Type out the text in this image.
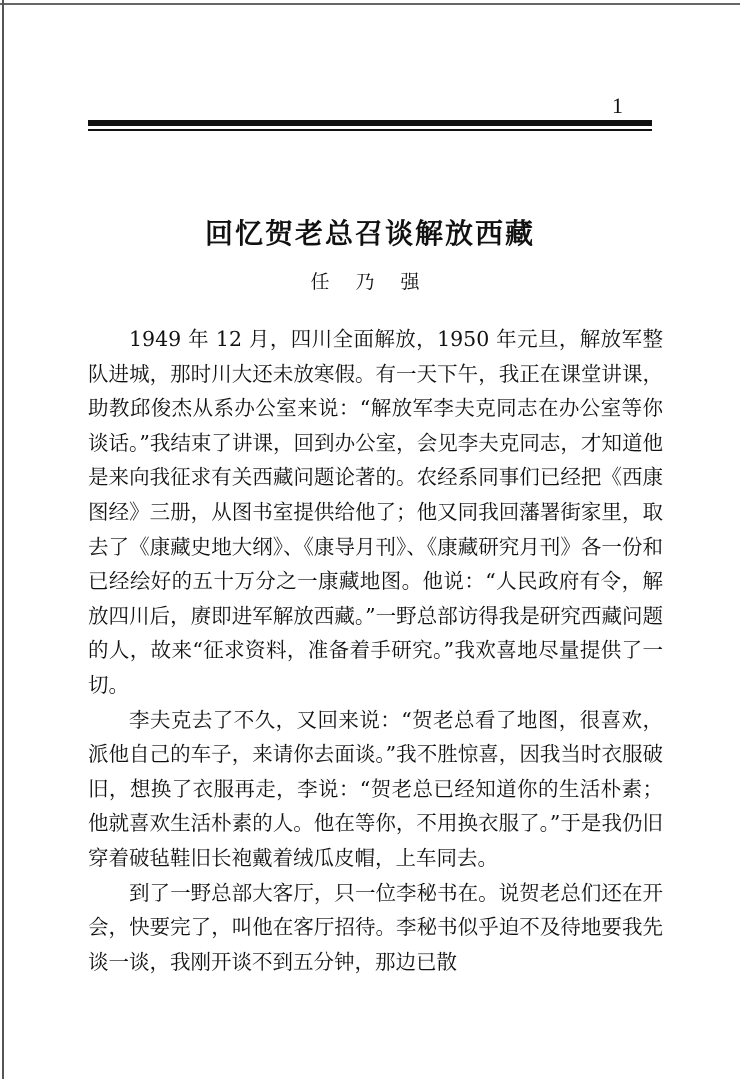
1
回忆贺老总召谈解放西藏
任 乃 强

1949 年 12 月，四川全面解放，1950 年元旦，解放军整队进城，那时川大还未放寒假。有一天下午，我正在课堂讲课，助教邱俊杰从系办公室来说：“解放军李夫克同志在办公室等你谈话。”我结束了讲课，回到办公室，会见李夫克同志，才知道他是来向我征求有关西藏问题论著的。农经系同事们已经把《西康图经》三册，从图书室提供给他了；他又同我回藩署街家里，取去了《康藏史地大纲》、《康导月刊》、《康藏研究月刊》各一份和已经绘好的五十万分之一康藏地图。他说：“人民政府有令，解放四川后，赓即进军解放西藏。”一野总部访得我是研究西藏问题的人，故来“征求资料，准备着手研究。”我欢喜地尽量提供了一切。

李夫克去了不久，又回来说：“贺老总看了地图，很喜欢，派他自己的车子，来请你去面谈。”我不胜惊喜，因我当时衣服破旧，想换了衣服再走，李说：“贺老总已经知道你的生活朴素；他就喜欢生活朴素的人。他在等你，不用换衣服了。”于是我仍旧穿着破毡鞋旧长袍戴着绒瓜皮帽，上车同去。

到了一野总部大客厅，只一位李秘书在。说贺老总们还在开会，快要完了，叫他在客厅招待。李秘书似乎迫不及待地要我先谈一谈，我刚开谈不到五分钟，那边已散
